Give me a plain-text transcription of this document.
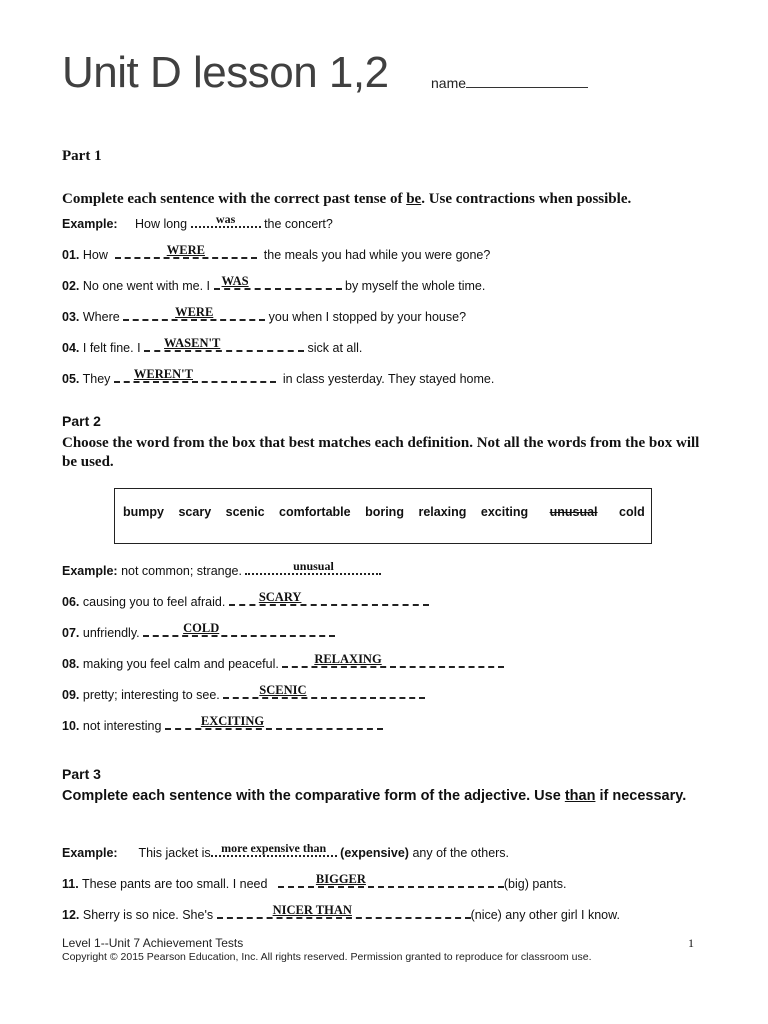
Unit D lesson 1,2	name
Part 1
Complete each sentence with the correct past tense of be. Use contractions when possible.
Example: How long	was	the concert?
01. How	WERE	the meals you had while you were gone?
02. No one went with me. I WAS	by myself the whole time.
03. Where	WERE	you when I stopped by your house?
04. I felt fine. I WASEN'T	sick at all.
05. They WEREN'T	in class yesterday. They stayed home.
Part 2
Choose the word from the box that best matches each definition. Not all the words from the box will be used.
bumpy scary scenic comfortable boring relaxing exciting unusual cold
Example: not common; strange.	unusual
06. causing you to feel afraid.	SCARY
07. unfriendly.	COLD
08. making you feel calm and peaceful.	RELAXING
09. pretty; interesting to see.	SCENIC
10. not interesting	EXCITING
Part 3
Complete each sentence with the comparative form of the adjective. Use than if necessary.
Example: This jacket is more expensive than	(expensive) any of the others.
11. These pants are too small. I need	BIGGER	(big) pants.
12. Sherry is so nice. She's	NICER THAN	(nice) any other girl I know.
Level 1--Unit 7 Achievement Tests	1
Copyright © 2015 Pearson Education, Inc. All rights reserved. Permission granted to reproduce for classroom use.
